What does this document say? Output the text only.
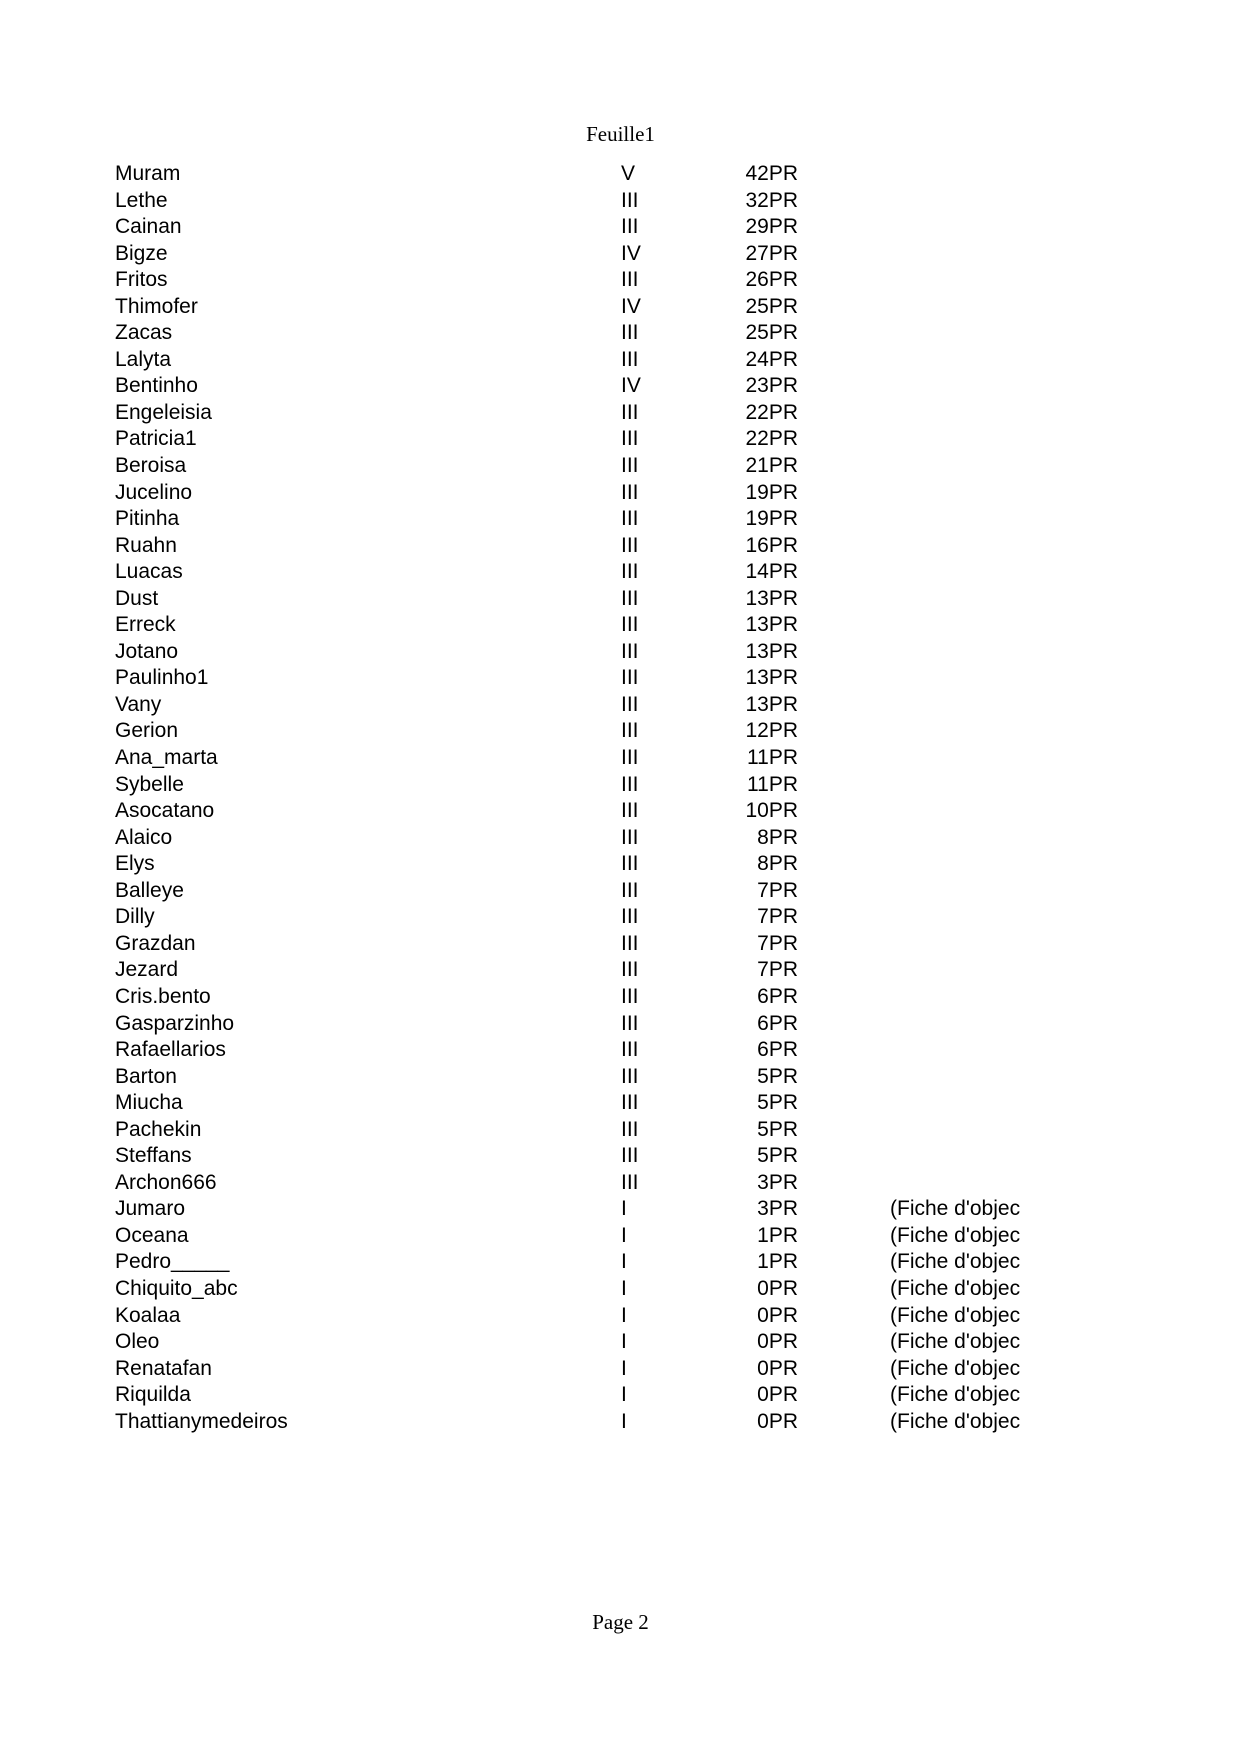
Feuille1
Muram	V	42PR
Lethe	III	32PR
Cainan	III	29PR
Bigze	IV	27PR
Fritos	III	26PR
Thimofer	IV	25PR
Zacas	III	25PR
Lalyta	III	24PR
Bentinho	IV	23PR
Engeleisia	III	22PR
Patricia1	III	22PR
Beroisa	III	21PR
Jucelino	III	19PR
Pitinha	III	19PR
Ruahn	III	16PR
Luacas	III	14PR
Dust	III	13PR
Erreck	III	13PR
Jotano	III	13PR
Paulinho1	III	13PR
Vany	III	13PR
Gerion	III	12PR
Ana_marta	III	11PR
Sybelle	III	11PR
Asocatano	III	10PR
Alaico	III	8PR
Elys	III	8PR
Balleye	III	7PR
Dilly	III	7PR
Grazdan	III	7PR
Jezard	III	7PR
Cris.bento	III	6PR
Gasparzinho	III	6PR
Rafaellarios	III	6PR
Barton	III	5PR
Miucha	III	5PR
Pachekin	III	5PR
Steffans	III	5PR
Archon666	III	3PR
Jumaro	I	3PR	(Fiche d'objec
Oceana	I	1PR	(Fiche d'objec
Pedro_____	I	1PR	(Fiche d'objec
Chiquito_abc	I	0PR	(Fiche d'objec
Koalaa	I	0PR	(Fiche d'objec
Oleo	I	0PR	(Fiche d'objec
Renatafan	I	0PR	(Fiche d'objec
Riquilda	I	0PR	(Fiche d'objec
Thattianymedeiros	I	0PR	(Fiche d'objec
Page 2
